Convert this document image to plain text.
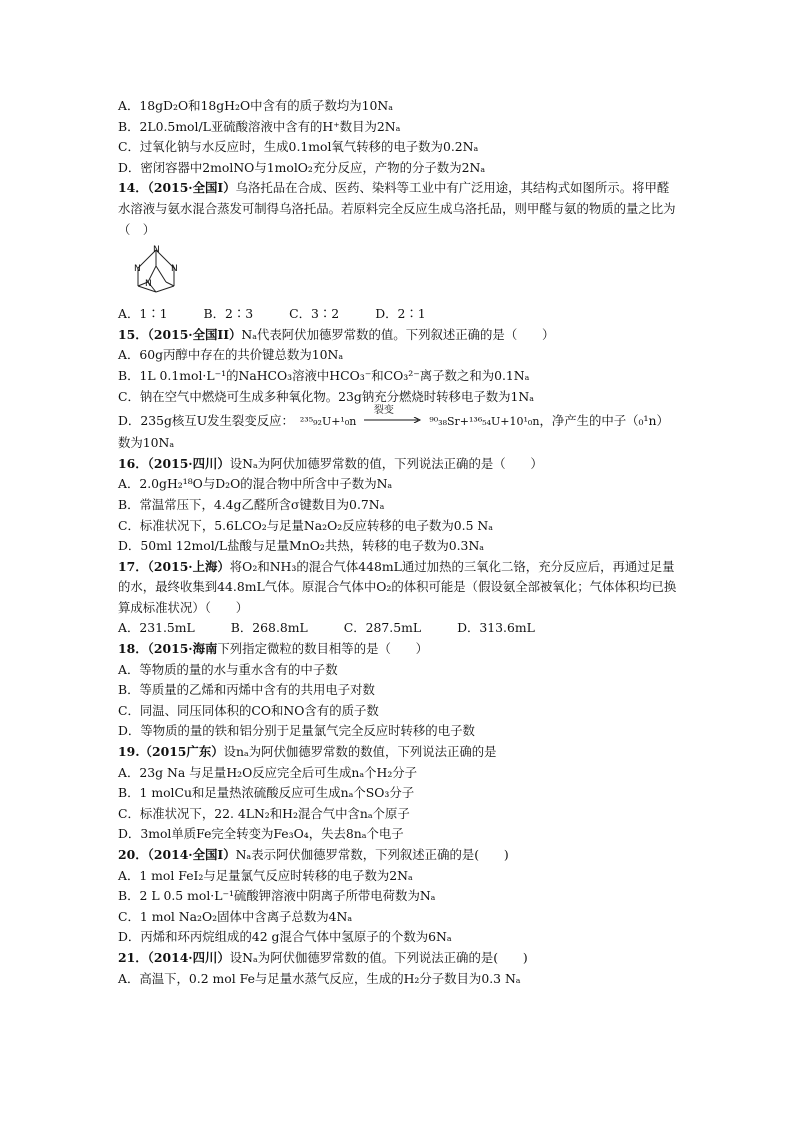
A．18gD₂O和18gH₂O中含有的质子数均为10Nₐ
B．2L0.5mol/L亚硫酸溶液中含有的H⁺数目为2Nₐ
C．过氧化钠与水反应时，生成0.1mol氧气转移的电子数为0.2Nₐ
D．密闭容器中2molNO与1molO₂充分反应，产物的分子数为2Nₐ
14．（2015·全国Ⅰ）乌洛托品在合成、医药、染料等工业中有广泛用途，其结构式如图所示。将甲醛水溶液与氨水混合蒸发可制得乌洛托品。若原料完全反应生成乌洛托品，则甲醛与氨的物质的量之比为（　）
N
N	N
N
A．1∶1	B．2∶3	C．3∶2	D．2∶1
15．（2015·全国II）Nₐ代表阿伏加德罗常数的值。下列叙述正确的是（　　）
A．60g丙醇中存在的共价键总数为10Nₐ
B．1L 0.1mol·L⁻¹的NaHCO₃溶液中HCO₃⁻和CO₃²⁻离子数之和为0.1Nₐ
C．钠在空气中燃烧可生成多种氧化物。23g钠充分燃烧时转移电子数为1Nₐ
D．235g核互 U发生裂变反应： ²³⁵₉₂U+¹₀n
裂变
⁹⁰₃₈Sr+¹³⁶₅₄U+10¹₀n ，净产生的中子（₀¹n）
数为10Nₐ
16．（2015·四川）设Nₐ为阿伏加德罗常数的值，下列说法正确的是（　　）
A．2.0gH₂¹⁸O与D₂O的混合物中所含中子数为Nₐ
B．常温常压下，4.4g乙醛所含σ键数目为0.7Nₐ
C．标准状况下，5.6LCO₂与足量Na₂O₂反应转移的电子数为0.5 Nₐ
D．50ml 12mol/L盐酸与足量MnO₂共热，转移的电子数为0.3Nₐ
17．（2015·上海）将O₂和NH₃的混合气体448mL通过加热的三氧化二铬，充分反应后，再通过足量的水，最终收集到44.8mL气体。原混合气体中O₂的体积可能是（假设氨全部被氧化；气体体积均已换算成标准状况）（　　）
A．231.5mL	B．268.8mL	C．287.5mL	D．313.6mL
18．（2015·海南下列指定微粒的数目相等的是（　　）
A．等物质的量的水与重水含有的中子数
B．等质量的乙烯和丙烯中含有的共用电子对数
C．同温、同压同体积的CO和NO含有的质子数
D．等物质的量的铁和铝分别于足量氯气完全反应时转移的电子数
19.（2015广东）设nₐ为阿伏伽德罗常数的数值，下列说法正确的是
A．23g Na 与足量H₂O反应完全后可生成nₐ个H₂分子
B．1 molCu和足量热浓硫酸反应可生成nₐ个SO₃分子
C．标准状况下，22. 4LN₂和H₂混合气中含nₐ个原子
D．3mol单质Fe完全转变为Fe₃O₄，失去8nₐ个电子
20．（2014·全国Ⅰ）Nₐ表示阿伏伽德罗常数，下列叙述正确的是(　　)
A．1 mol FeI₂与足量氯气反应时转移的电子数为2Nₐ
B．2 L 0.5 mol·L⁻¹硫酸钾溶液中阴离子所带电荷数为Nₐ
C．1 mol Na₂O₂固体中含离子总数为4Nₐ
D．丙烯和环丙烷组成的42 g混合气体中氢原子的个数为6Nₐ
21．（2014·四川）设Nₐ为阿伏伽德罗常数的值。下列说法正确的是(　　)
A．高温下，0.2 mol Fe与足量水蒸气反应，生成的H₂分子数目为0.3 Nₐ
